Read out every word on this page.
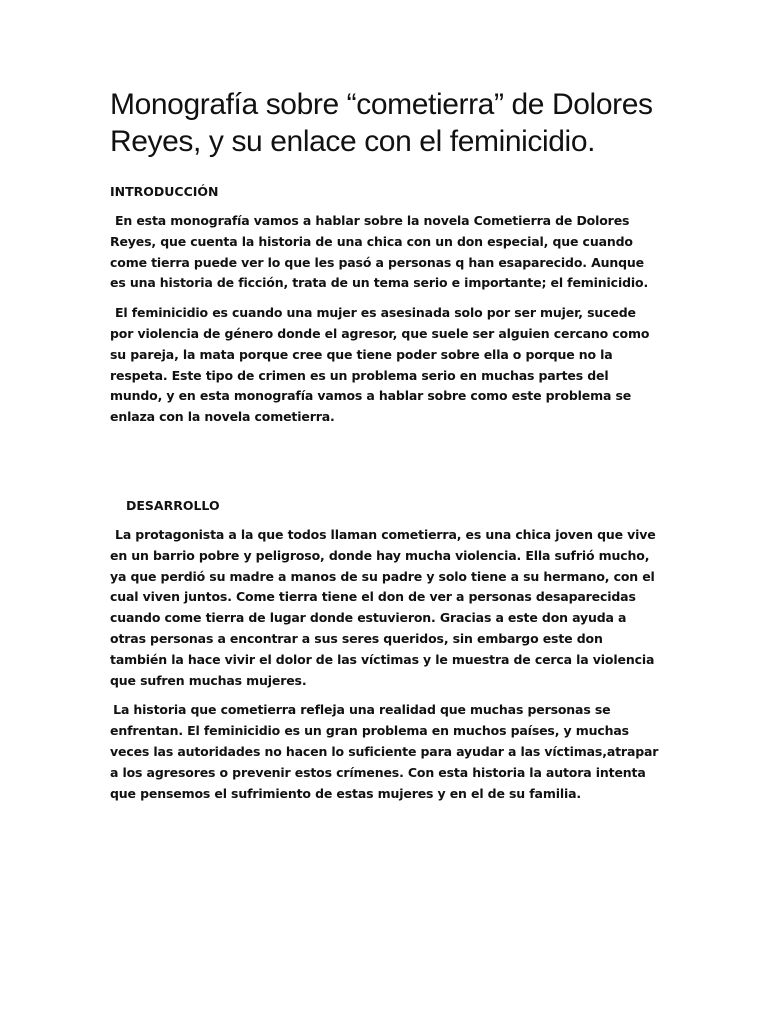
Monografía sobre “cometierra” de Dolores Reyes, y su enlace con el feminicidio.
INTRODUCCIÓN

En esta monografía vamos a hablar sobre la novela Cometierra de Dolores Reyes, que cuenta la historia de una chica con un don especial, que cuando come tierra puede ver lo que les pasó a personas q han esaparecido. Aunque es una historia de ficción, trata de un tema serio e importante; el feminicidio.

El feminicidio es cuando una mujer es asesinada solo por ser mujer, sucede por violencia de género donde el agresor, que suele ser alguien cercano como su pareja, la mata porque cree que tiene poder sobre ella o porque no la respeta. Este tipo de crimen es un problema serio en muchas partes del mundo, y en esta monografía vamos a hablar sobre como este problema se enlaza con la novela cometierra.

DESARROLLO

La protagonista a la que todos llaman cometierra, es una chica joven que vive en un barrio pobre y peligroso, donde hay mucha violencia. Ella sufrió mucho, ya que perdió su madre a manos de su padre y solo tiene a su hermano, con el cual viven juntos. Come tierra tiene el don de ver a personas desaparecidas cuando come tierra de lugar donde estuvieron. Gracias a este don ayuda a otras personas a encontrar a sus seres queridos, sin embargo este don también la hace vivir el dolor de las víctimas y le muestra de cerca la violencia que sufren muchas mujeres.

La historia que cometierra refleja una realidad que muchas personas se enfrentan. El feminicidio es un gran problema en muchos países, y muchas veces las autoridades no hacen lo suficiente para ayudar a las víctimas,atrapar a los agresores o prevenir estos crímenes. Con esta historia la autora intenta que pensemos el sufrimiento de estas mujeres y en el de su familia.
